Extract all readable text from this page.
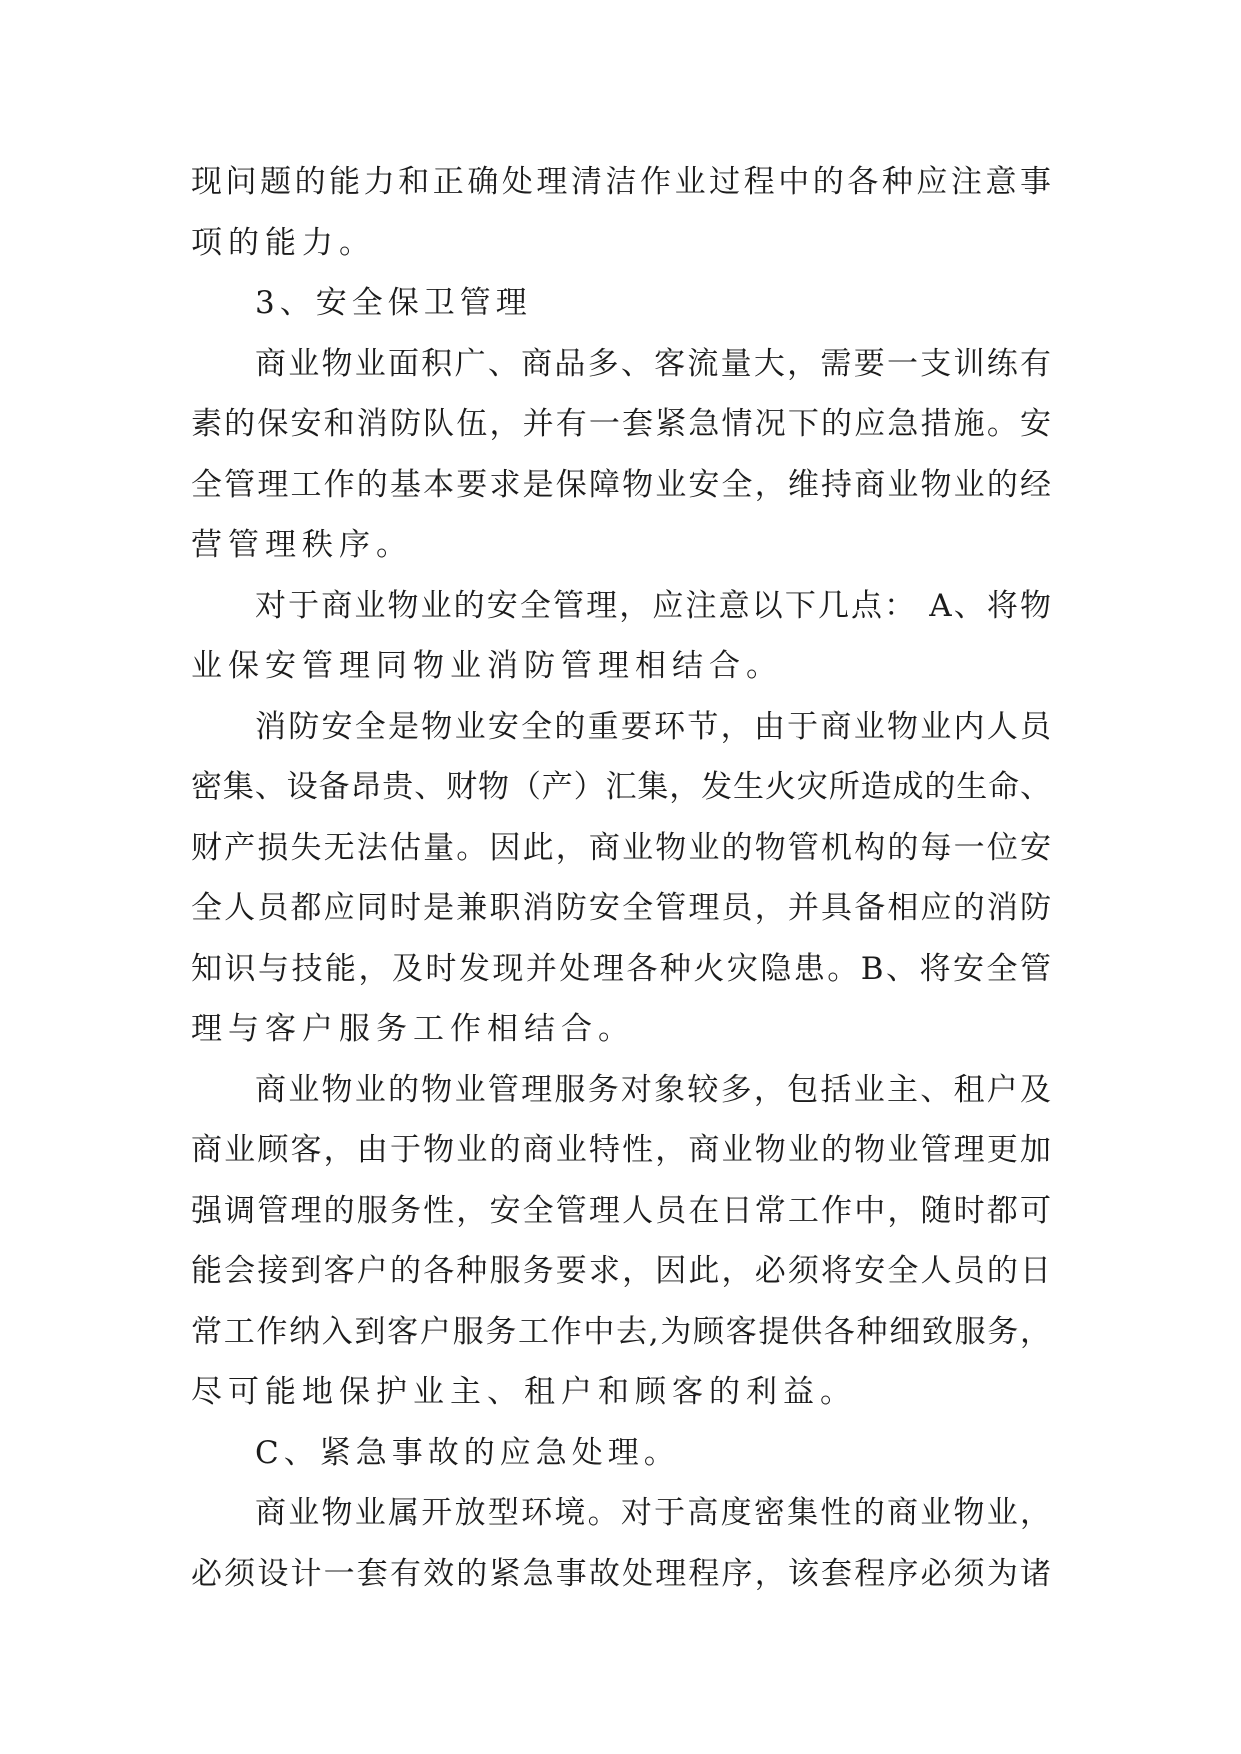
现问题的能力和正确处理清洁作业过程中的各种应注意事
项的能力。
3、安全保卫管理
商业物业面积广、商品多、客流量大，需要一支训练有
素的保安和消防队伍，并有一套紧急情况下的应急措施。安
全管理工作的基本要求是保障物业安全，维持商业物业的经
营管理秩序。
对于商业物业的安全管理，应注意以下几点： A、将物
业保安管理同物业消防管理相结合。
消防安全是物业安全的重要环节，由于商业物业内人员
密集、设备昂贵、财物（产）汇集，发生火灾所造成的生命、
财产损失无法估量。因此，商业物业的物管机构的每一位安
全人员都应同时是兼职消防安全管理员，并具备相应的消防
知识与技能，及时发现并处理各种火灾隐患。B、将安全管
理与客户服务工作相结合。
商业物业的物业管理服务对象较多，包括业主、租户及
商业顾客，由于物业的商业特性，商业物业的物业管理更加
强调管理的服务性，安全管理人员在日常工作中，随时都可
能会接到客户的各种服务要求，因此，必须将安全人员的日
常工作纳入到客户服务工作中去,为顾客提供各种细致服务，
尽可能地保护业主、租户和顾客的利益。
C、紧急事故的应急处理。
商业物业属开放型环境。对于高度密集性的商业物业，
必须设计一套有效的紧急事故处理程序，该套程序必须为诸
